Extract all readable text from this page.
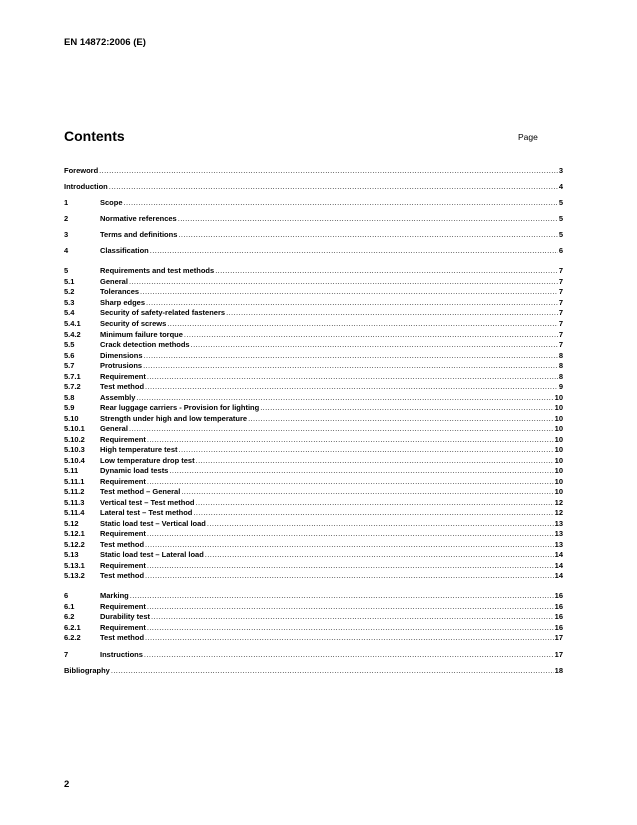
EN 14872:2006 (E)
Contents	Page
Foreword .....	3
Introduction .....	4
1	Scope .....	5
2	Normative references .....	5
3	Terms and definitions .....	5
4	Classification .....	6
5	Requirements and test methods .....	7
5.1	General .....	7
5.2	Tolerances .....	7
5.3	Sharp edges .....	7
5.4	Security of safety-related fasteners .....	7
5.4.1	Security of screws .....	7
5.4.2	Minimum failure torque .....	7
5.5	Crack detection methods .....	7
5.6	Dimensions .....	8
5.7	Protrusions .....	8
5.7.1	Requirement .....	8
5.7.2	Test method .....	9
5.8	Assembly .....	10
5.9	Rear luggage carriers - Provision for lighting .....	10
5.10	Strength under high and low temperature .....	10
5.10.1	General .....	10
5.10.2	Requirement .....	10
5.10.3	High temperature test .....	10
5.10.4	Low temperature drop test .....	10
5.11	Dynamic load tests .....	10
5.11.1	Requirement .....	10
5.11.2	Test method – General .....	10
5.11.3	Vertical test – Test method .....	12
5.11.4	Lateral test – Test method .....	12
5.12	Static load test – Vertical load .....	13
5.12.1	Requirement .....	13
5.12.2	Test method .....	13
5.13	Static load test – Lateral load .....	14
5.13.1	Requirement .....	14
5.13.2	Test method .....	14
6	Marking .....	16
6.1	Requirement .....	16
6.2	Durability test .....	16
6.2.1	Requirement .....	16
6.2.2	Test method .....	17
7	Instructions .....	17
Bibliography .....	18
2
